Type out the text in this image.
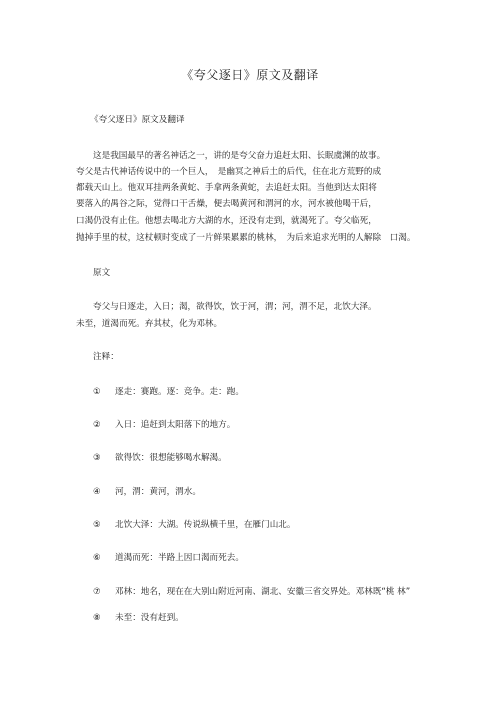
《夸父逐日》原文及翻译
《夸父逐日》原文及翻译
这是我国最早的著名神话之一，讲的是夸父奋力追赶太阳、长眠虞渊的故事。
夸父是古代神话传说中的一个巨人，　是幽冥之神后土的后代，住在北方荒野的成
都载天山上。他双耳挂两条黄蛇、手拿两条黄蛇，去追赶太阳。当他到达太阳将
要落入的禺谷之际，觉得口干舌燥，便去喝黄河和渭河的水，河水被他喝干后，
口渴仍没有止住。他想去喝北方大湖的水，还没有走到，就渴死了。夸父临死，
抛掉手里的杖，这杖顿时变成了一片鲜果累累的桃林，　为后来追求光明的人解除　口渴。
原文
夸父与日逐走，入日；渴，欲得饮，饮于河，渭；河，渭不足，北饮大泽。
未至，道渴而死。弃其杖，化为邓林。
注释：
① 逐走：赛跑。逐：竞争。走：跑。
② 入日：追赶到太阳落下的地方。
③ 欲得饮：很想能够喝水解渴。
④ 河，渭：黄河，渭水。
⑤ 北饮大泽：大湖。传说纵横千里，在雁门山北。
⑥ 道渴而死：半路上因口渴而死去。
⑦ 邓林：地名，现在在大别山附近河南、湖北、安徽三省交界处。邓林既“桃 林”
⑧ 未至：没有赶到。
